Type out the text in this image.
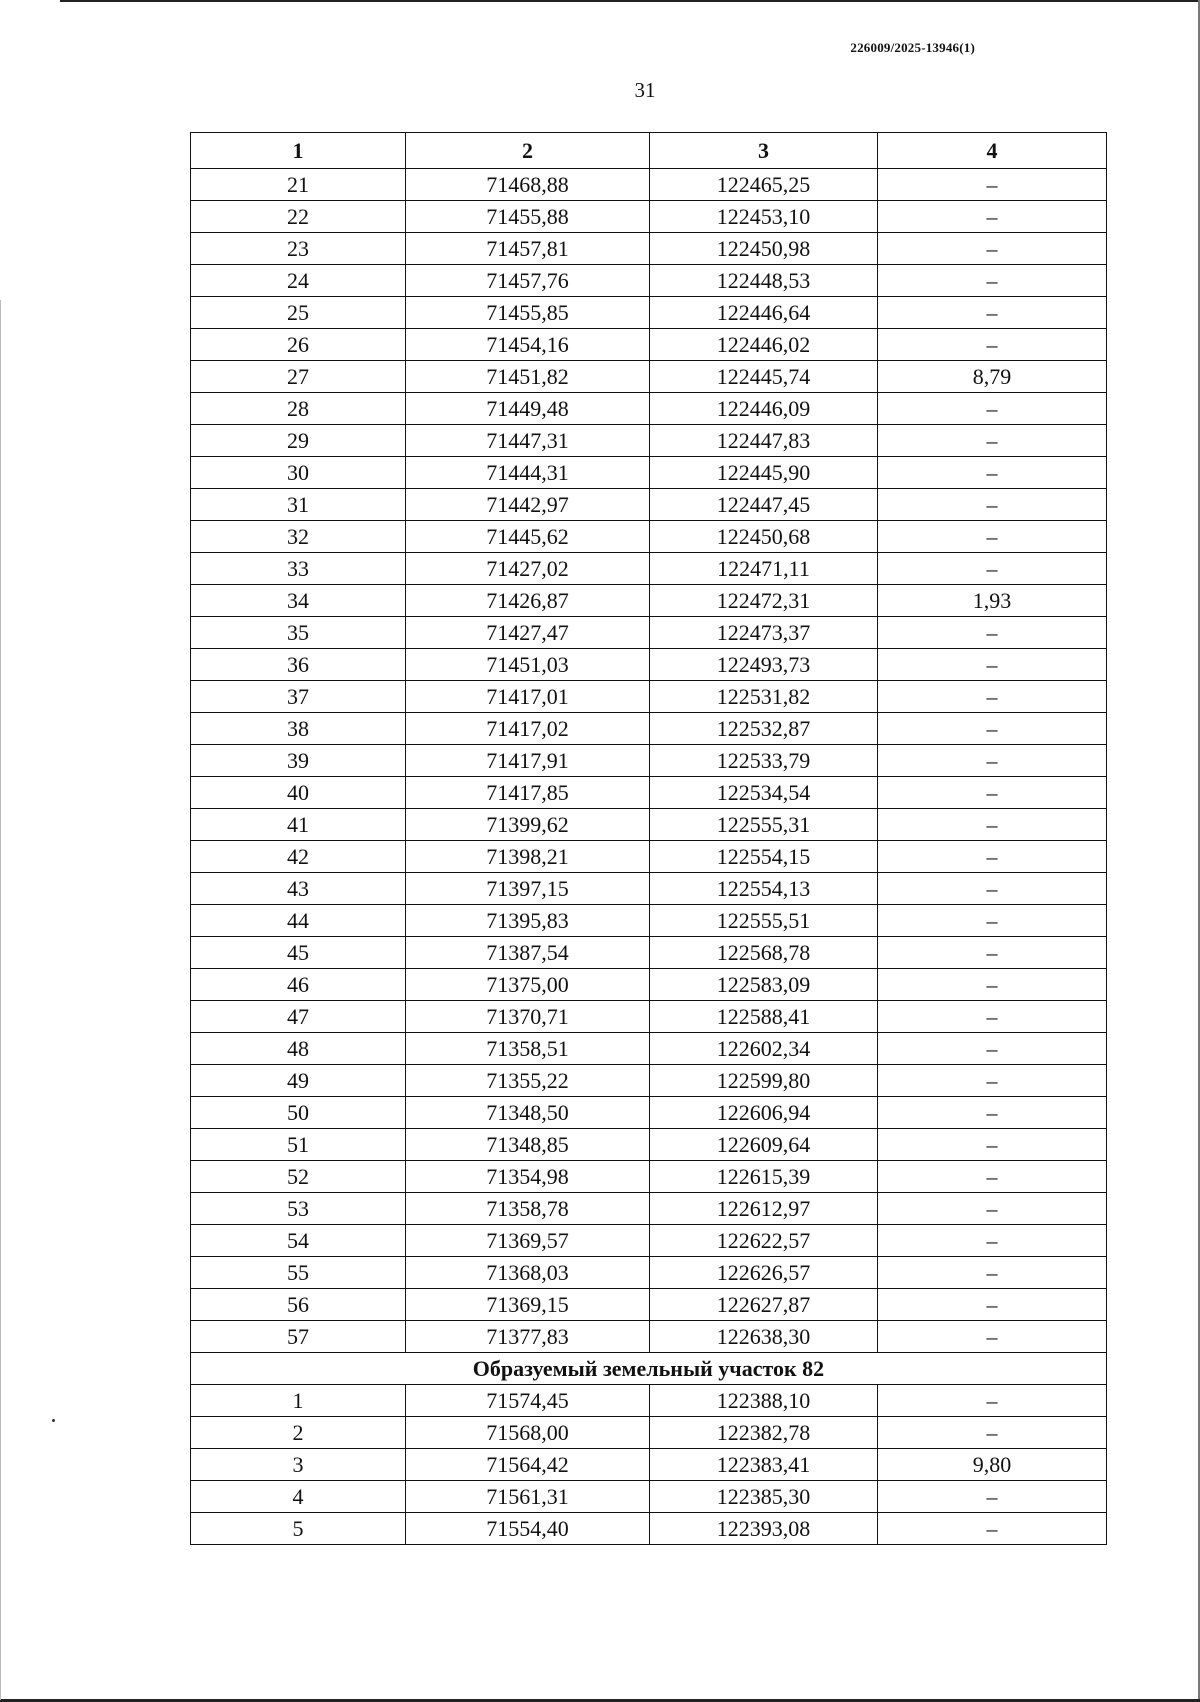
226009/2025-13946(1)
31
1	2	3	4
21	71468,88	122465,25	–
22	71455,88	122453,10	–
23	71457,81	122450,98	–
24	71457,76	122448,53	–
25	71455,85	122446,64	–
26	71454,16	122446,02	–
27	71451,82	122445,74	8,79
28	71449,48	122446,09	–
29	71447,31	122447,83	–
30	71444,31	122445,90	–
31	71442,97	122447,45	–
32	71445,62	122450,68	–
33	71427,02	122471,11	–
34	71426,87	122472,31	1,93
35	71427,47	122473,37	–
36	71451,03	122493,73	–
37	71417,01	122531,82	–
38	71417,02	122532,87	–
39	71417,91	122533,79	–
40	71417,85	122534,54	–
41	71399,62	122555,31	–
42	71398,21	122554,15	–
43	71397,15	122554,13	–
44	71395,83	122555,51	–
45	71387,54	122568,78	–
46	71375,00	122583,09	–
47	71370,71	122588,41	–
48	71358,51	122602,34	–
49	71355,22	122599,80	–
50	71348,50	122606,94	–
51	71348,85	122609,64	–
52	71354,98	122615,39	–
53	71358,78	122612,97	–
54	71369,57	122622,57	–
55	71368,03	122626,57	–
56	71369,15	122627,87	–
57	71377,83	122638,30	–
Образуемый земельный участок 82			
1	71574,45	122388,10	–
2	71568,00	122382,78	–
3	71564,42	122383,41	9,80
4	71561,31	122385,30	–
5	71554,40	122393,08	–
